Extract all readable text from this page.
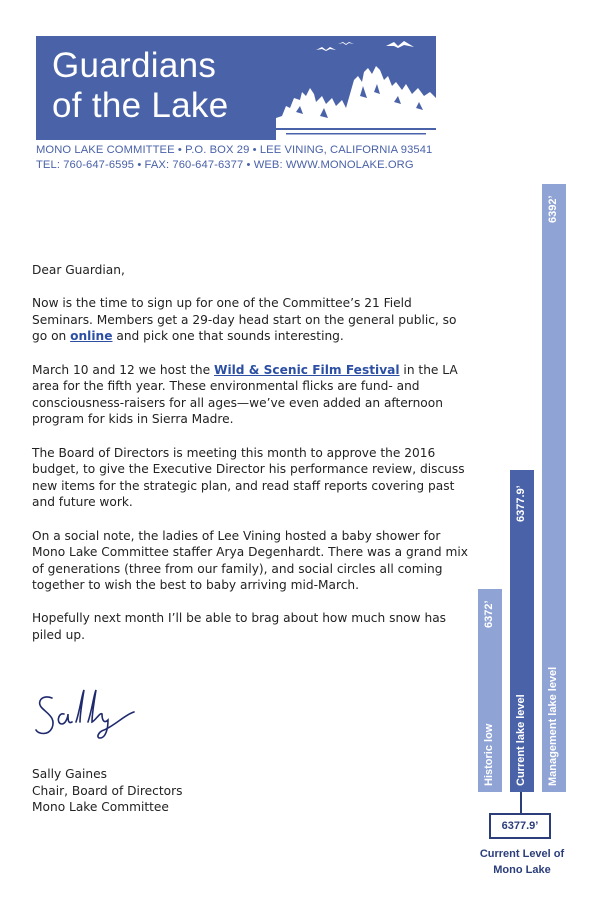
Guardians
of the Lake
MONO LAKE COMMITTEE • P.O. BOX 29 • LEE VINING, CALIFORNIA 93541
TEL: 760-647-6595 • FAX: 760-647-6377 • WEB: WWW.MONOLAKE.ORG

Dear Guardian,

Now is the time to sign up for one of the Committee’s 21 Field Seminars. Members get a 29-day head start on the general public, so go on online and pick one that sounds interesting.

March 10 and 12 we host the Wild & Scenic Film Festival in the LA area for the fifth year. These environmental flicks are fund- and consciousness-raisers for all ages—we’ve even added an afternoon program for kids in Sierra Madre.

The Board of Directors is meeting this month to approve the 2016 budget, to give the Executive Director his performance review, discuss new items for the strategic plan, and read staff reports covering past and future work.

On a social note, the ladies of Lee Vining hosted a baby shower for Mono Lake Committee staffer Arya Degenhardt. There was a grand mix of generations (three from our family), and social circles all coming together to wish the best to baby arriving mid-March.

Hopefully next month I’ll be able to brag about how much snow has piled up.

Sally Gaines
Chair, Board of Directors
Mono Lake Committee
Historic low
6372’
Current lake level
6377.9’
Management lake level
6392’
6377.9’
Current Level of
Mono Lake
